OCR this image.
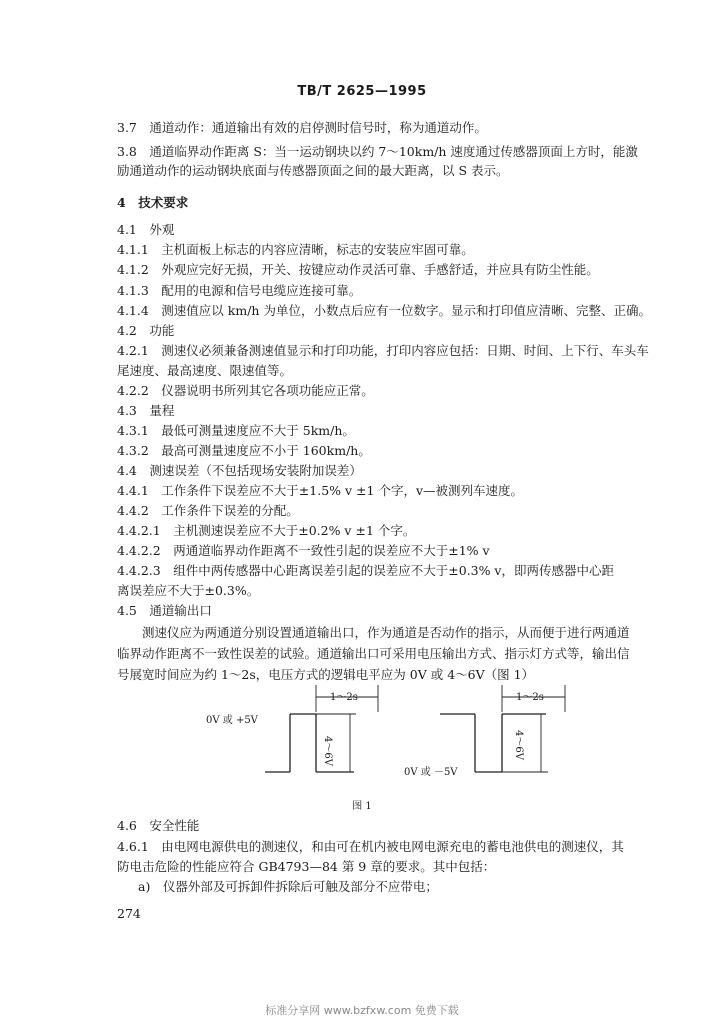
TB/T 2625—1995
3.7　通道动作：通道输出有效的启停测时信号时，称为通道动作。
3.8　通道临界动作距离 S：当一运动钢块以约 7～10km/h 速度通过传感器顶面上方时，能激
励通道动作的运动钢块底面与传感器顶面之间的最大距离，以 S 表示。
4　技术要求
4.1　外观
4.1.1　主机面板上标志的内容应清晰，标志的安装应牢固可靠。
4.1.2　外观应完好无损，开关、按键应动作灵活可靠、手感舒适，并应具有防尘性能。
4.1.3　配用的电源和信号电缆应连接可靠。
4.1.4　测速值应以 km/h 为单位，小数点后应有一位数字。显示和打印值应清晰、完整、正确。
4.2　功能
4.2.1　测速仪必须兼备测速值显示和打印功能，打印内容应包括：日期、时间、上下行、车头车
尾速度、最高速度、限速值等。
4.2.2　仪器说明书所列其它各项功能应正常。
4.3　量程
4.3.1　最低可测量速度应不大于 5km/h。
4.3.2　最高可测量速度应不小于 160km/h。
4.4　测速误差（不包括现场安装附加误差）
4.4.1　工作条件下误差应不大于±1.5% v ±1 个字，v—被测列车速度。
4.4.2　工作条件下误差的分配。
4.4.2.1　主机测速误差应不大于±0.2% v ±1 个字。
4.4.2.2　两通道临界动作距离不一致性引起的误差应不大于±1% v
4.4.2.3　组件中两传感器中心距离误差引起的误差应不大于±0.3% v，即两传感器中心距
离误差应不大于±0.3%。
4.5　通道输出口
测速仪应为两通道分别设置通道输出口，作为通道是否动作的指示，从而便于进行两通道
临界动作距离不一致性误差的试验。通道输出口可采用电压输出方式、指示灯方式等，输出信
号展宽时间应为约 1～2s，电压方式的逻辑电平应为 0V 或 4～6V（图 1）
1～2s
0V 或 +5V
4～6V
1～2s
0V 或 －5V
4～6V
图 1
4.6　安全性能
4.6.1　由电网电源供电的测速仪，和由可在机内被电网电源充电的蓄电池供电的测速仪，其
防电击危险的性能应符合 GB4793—84 第 9 章的要求。其中包括：
a)　仪器外部及可拆卸件拆除后可触及部分不应带电；
274
标准分享网 www.bzfxw.com 免费下载
